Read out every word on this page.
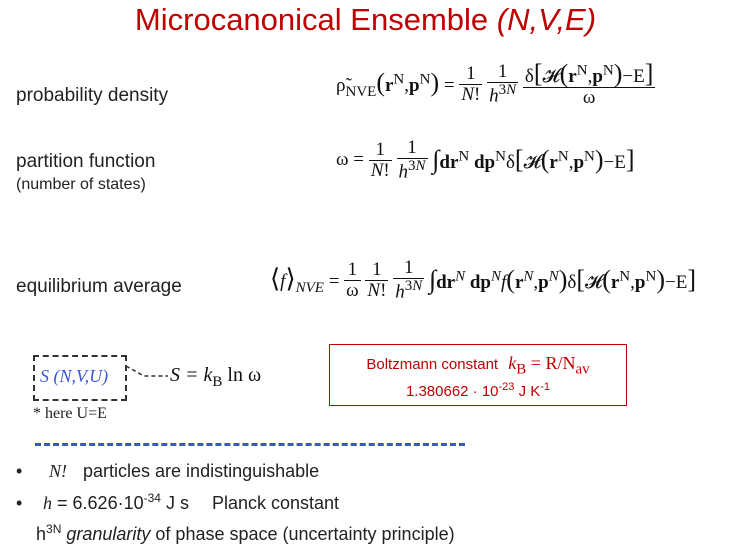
Microcanonical Ensemble (N,V,E)
probability density	$\rhõ_{NVE}(r^N,p^N) = \frac{1}{N!}$
$\frac{1}{h^{3N}}$
$\frac{\delta[𝓗(r^N,p^N)-E]}{\omega}$
partition function
(number of states)
$\omega = \frac{1}{N!}$
$\frac{1}{h^{3N}} \int dr^N$ $dp^N\delta[𝓗(r^N,p^N)-E]$
equilibrium average	$⟨f⟩_{NVE} = \frac{1}{\omega}$
$\frac{1}{N!}$
$\frac{1}{h^{3N}} \int dr^N$ $dp^Nf(r^N,p^N)\delta[𝓗(r^N,p^N)-E]$
S (N,V,U)	$S = k_B$ ln ω
* here U=E
Boltzmann constant $k_B = R/N_{av}$
$1.380662 \cdot 10^{-23}$ J $K^{-1}$
• N! particles are indistinguishable
• $h = 6.626\cdot 10^{-34}$ J s Planck constant
$h^{3N}$ granularity of phase space (uncertainty principle)
